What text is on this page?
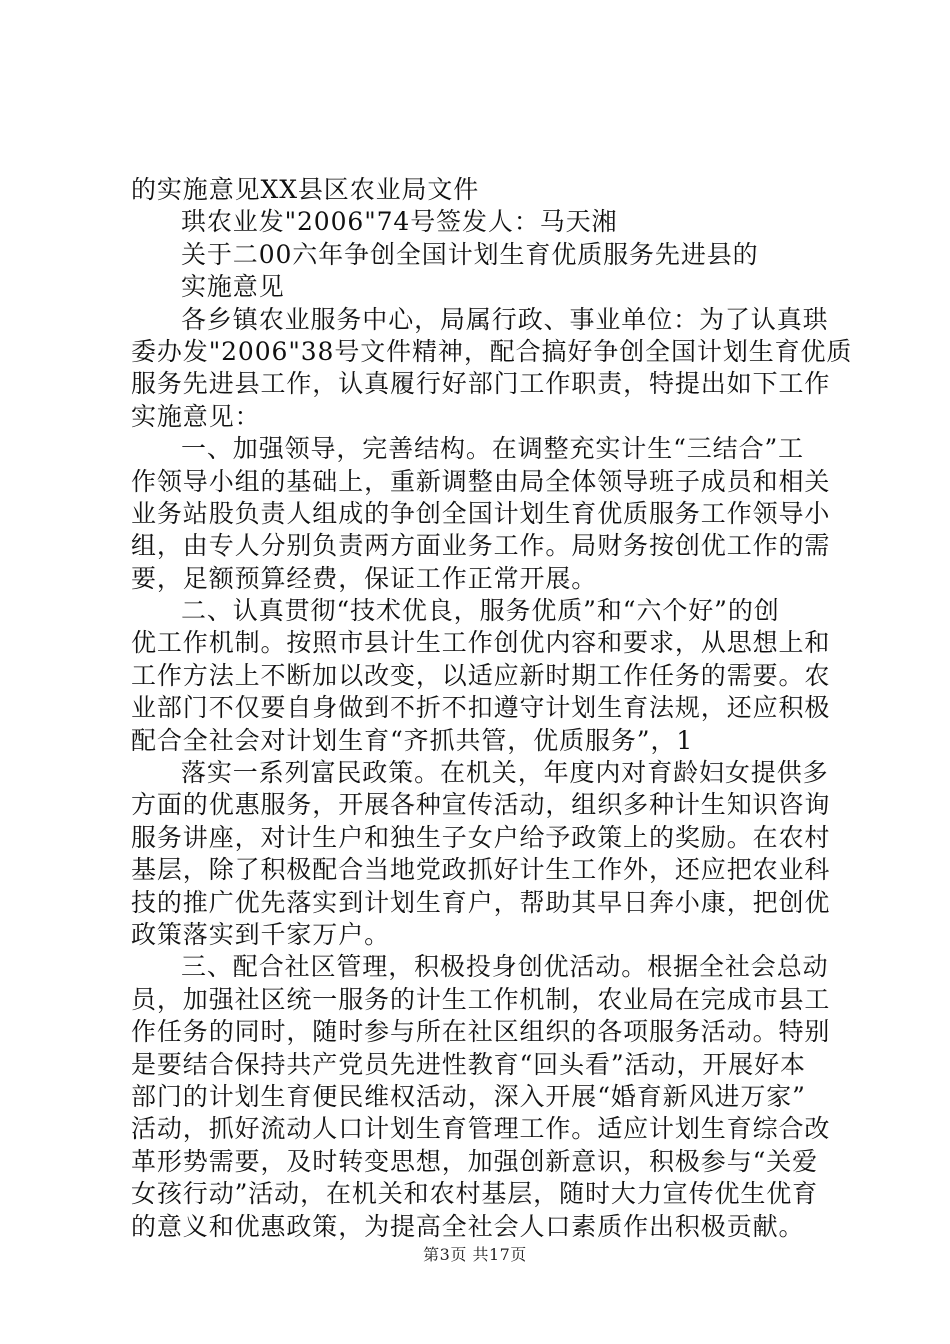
的实施意见XX县区农业局文件
珙农业发"2006"74号签发人：马天湘
关于二00六年争创全国计划生育优质服务先进县的
实施意见
各乡镇农业服务中心，局属行政、事业单位：为了认真珙
委办发"2006"38号文件精神，配合搞好争创全国计划生育优质
服务先进县工作，认真履行好部门工作职责，特提出如下工作
实施意见：
一、加强领导，完善结构。在调整充实计生“三结合”工
作领导小组的基础上，重新调整由局全体领导班子成员和相关
业务站股负责人组成的争创全国计划生育优质服务工作领导小
组，由专人分别负责两方面业务工作。局财务按创优工作的需
要，足额预算经费，保证工作正常开展。
二、认真贯彻“技术优良，服务优质”和“六个好”的创
优工作机制。按照市县计生工作创优内容和要求，从思想上和
工作方法上不断加以改变，以适应新时期工作任务的需要。农
业部门不仅要自身做到不折不扣遵守计划生育法规，还应积极
配合全社会对计划生育“齐抓共管，优质服务”，1
落实一系列富民政策。在机关，年度内对育龄妇女提供多
方面的优惠服务，开展各种宣传活动，组织多种计生知识咨询
服务讲座，对计生户和独生子女户给予政策上的奖励。在农村
基层，除了积极配合当地党政抓好计生工作外，还应把农业科
技的推广优先落实到计划生育户，帮助其早日奔小康，把创优
政策落实到千家万户。
三、配合社区管理，积极投身创优活动。根据全社会总动
员，加强社区统一服务的计生工作机制，农业局在完成市县工
作任务的同时，随时参与所在社区组织的各项服务活动。特别
是要结合保持共产党员先进性教育“回头看”活动，开展好本
部门的计划生育便民维权活动，深入开展“婚育新风进万家”
活动，抓好流动人口计划生育管理工作。适应计划生育综合改
革形势需要，及时转变思想，加强创新意识，积极参与“关爱
女孩行动”活动，在机关和农村基层，随时大力宣传优生优育
的意义和优惠政策，为提高全社会人口素质作出积极贡献。
第3页 共17页
